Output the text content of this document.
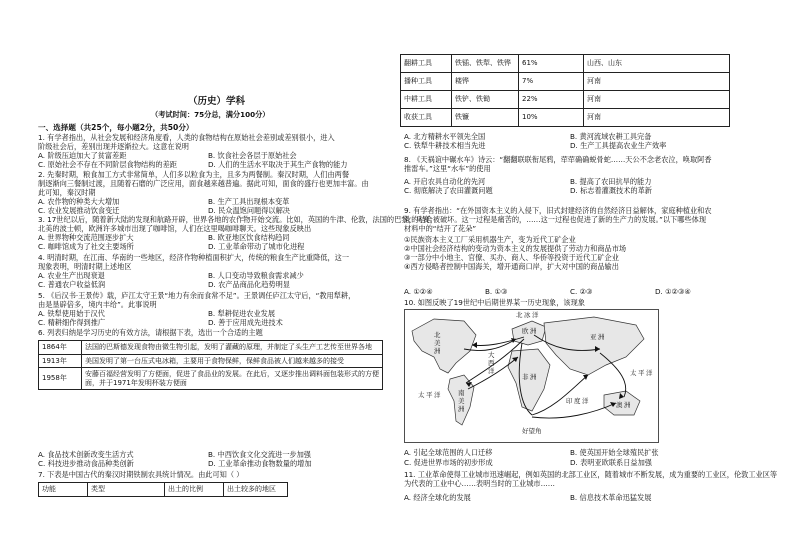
（历史）学科
（考试时间：75分总，满分100分）
一、选择题（共25个，每小题2分，共50分）
1. 有学者指出，从社会发展和经济角度看，人类的食物结构在原始社会差别或差别很小，进入
阶级社会后，差别出现并逐渐拉大。这意在说明
A. 阶级压迫加大了贫富差距	B. 饮食社会各层于原始社会
C. 原始社会不存在不同阶层食物结构的差距	D. 人们的生活水平取决于其生产食物的能力
2. 先秦时期，粮食加工方式非常简单，人们多以粒食为主，且多为两餐制。秦汉时期，人们由两餐
制逐渐向三餐制过渡，且随着石磨的广泛应用，面食越来越普遍。据此可知，面食的盛行也更加丰富。由
此可知，秦汉时期
A. 农作物的种类大大增加	B. 生产工具出现根本变革
C. 农业发展推动饮食变迁	D. 民众温饱问题得以解决
3. 17世纪以后，随着新大陆的发现和航路开辟，世界各地的农作物开始交流。比如，英国的牛津、伦敦，法国的巴黎，马赛，
北美的波士顿，欧洲许多城市出现了咖啡馆，人们在这里喝咖啡聊天。这些现象反映出
A. 世界物种交流范围逐步扩大	B. 欧亚地区饮食结构趋同
C. 咖啡馆成为了社交主要场所	D. 工业革命带动了城市化进程
4. 明清时期，在江南、华南的一些地区，经济作物种植面积扩大，传统的粮食生产比重降低，这一
现象表明，明清时期上述地区
A. 农业生产出现衰退	B. 人口变动导致粮食需求减少
C. 普通农户收益低润	D. 农产品商品化趋势明显
5. 《后汉书·王景传》载，庐江太守王景“地力有余而食常不足”。王景调任庐江太守后，“教用犁耕，
由是垦辟倍多，境内丰给”。此事说明
A. 铁犁使用始于汉代	B. 犁耕促进农业发展
C. 精耕细作得到推广	D. 善于应用成先进技术
6. 列表归纳是学习历史的有效方法，请根据下表，选出一个合适的主题
1864年	法国的巴斯德发现食物由微生物引起，发明了灌藏的原理，并制定了头生产工艺传至世界各地
1913年	美国发明了第一台压式电冰箱，主要用于食物保鲜，保鲜食品被人们越来越多的接受
1958年	安藤百福经营发明了方便面，促进了食品业的发展。在此后，又逐步推出调料面包装形式的方便面，并于1971年发明杯装方便面
A. 食品技术创新改变生活方式	B. 中西饮食文化交流进一步加强
C. 科技进步推动食品种类创新	D. 工业革命推动食物数量的增加
7. 下表是中国古代的秦汉时期铁制农具统计情况。由此可知（ ）
功能	类型	出土的比例	出土较多的地区
翻耕工具	铁锸、铁犁、铁铧	61%	山西、山东
播种工具	耧铧	7%	河南
中耕工具	铁铲、铁锄	22%	河南
收获工具	铁镰	10%	河南
A. 北方精耕水平领先全国	B. 黄河流域农耕工具完备
C. 铁犁牛耕技术相当先进	D. 生产工具提高农业生产效率
8. 《天祸谊中碾水车》诗云：“翻翻联联衔尾鸦，荦荦确确蜕骨蛇……天公不念老农泣，唤取阿香
推雷车。”这里“水车”的使用
A. 开启农具自动化的先河	B. 提高了农田抗旱的能力
C. 彻底解决了农田灌溉问题	D. 标志着灌溉技术的革新
9. 有学者指出：“在外国资本主义的入侵下，旧式封建经济的自然经济日益解体，家庭种植业和农
业的结合被破坏。这一过程是痛苦的，……这一过程也促进了新的生产力的发展。”以下哪些体现
材料中的“结开了花朵”
①民族资本主义工厂采用机器生产，变为近代工矿企业
②中国社会经济结构的变动为资本主义的发展提供了劳动力和商品市场
③一部分中小地主、官僚、买办、商人、华侨等投资于近代工矿企业
④西方侵略者控制中国海关，增开通商口岸，扩大对中国的商品输出
A. ①②④	B. ①③	C. ②③	D. ①②③④
10. 如图反映了19世纪中后期世界某一历史现象，该现象
北 冰 洋
北
美
洲	大
西
洋
太 平 洋	南
美
洲
欧 洲
非 洲
亚 洲
印 度 洋
太 平 洋
好望角
澳 洲
A. 引起全球范围的人口迁移	B. 使英国开始全球殖民扩张
C. 促进世界市场的初步形成	D. 表明亚欧联系日益加强
11. 工业革命使得工业城市迅速崛起，例如英国的北部工业区，随着城市不断发展，成为重要的工业区，伦敦工业区等
为代表的工业中心……表明当时的工业城市……
A. 经济全球化的发展	B. 信息技术革命迅猛发展
